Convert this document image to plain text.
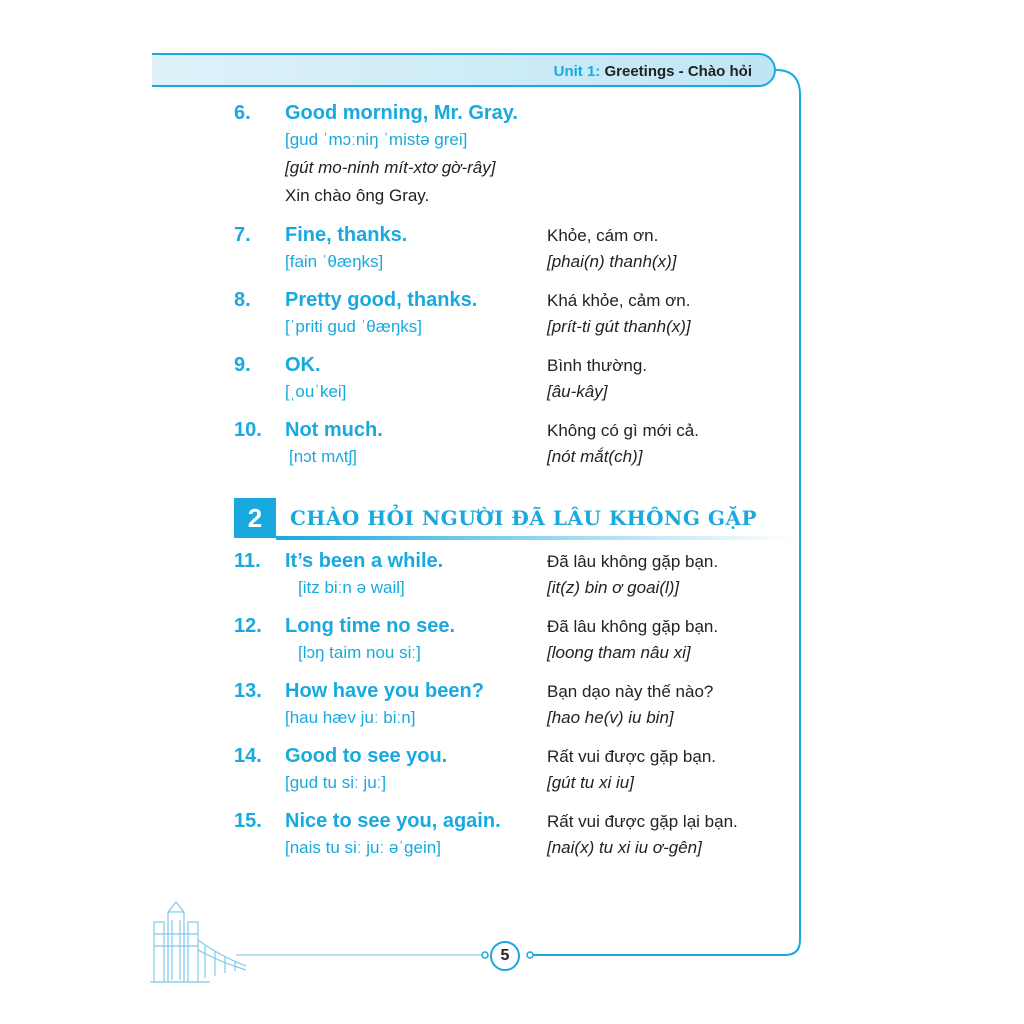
Unit 1: Greetings - Chào hỏi
6. Good morning, Mr. Gray.
[gud ˈmɔːniŋ ˈmistə grei]
[gút mo-ninh mít-xtơ gờ-rây]
Xin chào ông Gray.
7. Fine, thanks.
[fain ˈθæŋks]
Khỏe, cám ơn.
[phai(n) thanh(x)]
8. Pretty good, thanks.
[ˈpriti gud ˈθæŋks]
Khá khỏe, cảm ơn.
[prít-ti gút thanh(x)]
9. OK.
[ˌouˈkei]
Bình thường.
[âu-kây]
10. Not much.
[nɔt mʌtʃ]
Không có gì mới cả.
[nót mắt(ch)]
2	CHÀO HỎI NGƯỜI ĐÃ LÂU KHÔNG GẶP
11. It’s been a while.
[itz biːn ə wail]
Đã lâu không gặp bạn.
[it(z) bin ơ goai(l)]
12. Long time no see.
[lɔŋ taim nou siː]
Đã lâu không gặp bạn.
[loong tham nâu xi]
13. How have you been?
[hau hæv juː biːn]
Bạn dạo này thế nào?
[hao he(v) iu bin]
14. Good to see you.
[gud tu siː juː]
Rất vui được gặp bạn.
[gút tu xi iu]
15. Nice to see you, again.
[nais tu siː juː əˈgein]
Rất vui được gặp lại bạn.
[nai(x) tu xi iu ơ-gên]
5
